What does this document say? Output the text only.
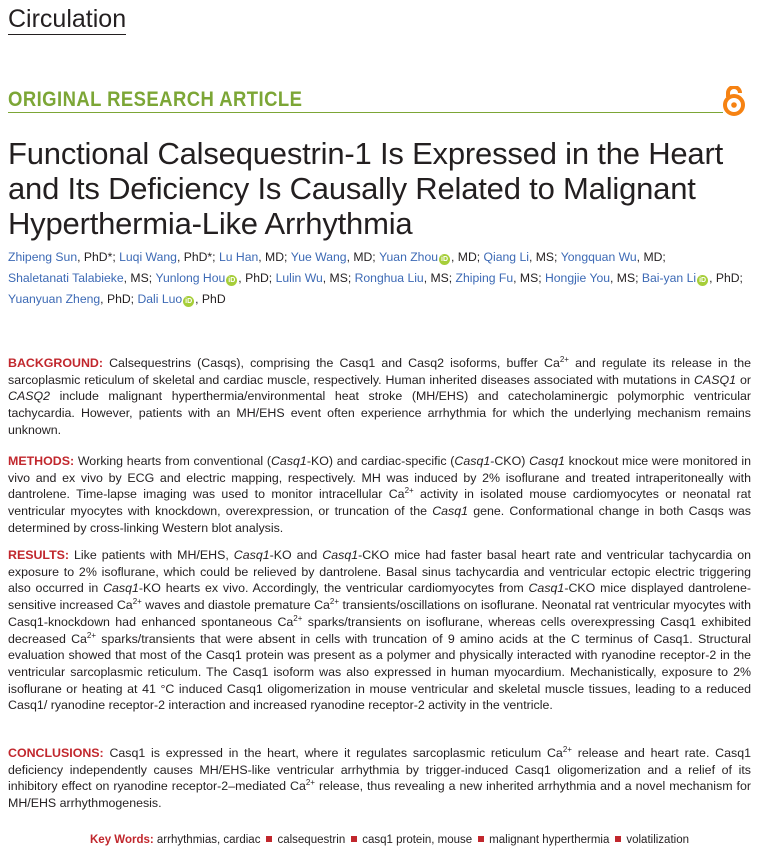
Circulation
ORIGINAL RESEARCH ARTICLE
Functional Calsequestrin-1 Is Expressed in the Heart and Its Deficiency Is Causally Related to Malignant Hyperthermia-Like Arrhythmia
Zhipeng Sun, PhD*; Luqi Wang, PhD*; Lu Han, MD; Yue Wang, MD; Yuan Zhou iD , MD; Qiang Li, MS; Yongquan Wu, MD; Shaletanati Talabieke, MS; Yunlong Hou iD , PhD; Lulin Wu, MS; Ronghua Liu, MS; Zhiping Fu, MS; Hongjie You, MS; Bai-yan Li iD , PhD; Yuanyuan Zheng, PhD; Dali Luo iD , PhD

BACKGROUND: Calsequestrins (Casqs), comprising the Casq1 and Casq2 isoforms, buffer $Ca^{2+}$ and regulate its release in the sarcoplasmic reticulum of skeletal and cardiac muscle, respectively. Human inherited diseases associated with mutations in CASQ1 or CASQ2 include malignant hyperthermia/environmental heat stroke (MH/EHS) and catecholaminergic polymorphic ventricular tachycardia. However, patients with an MH/EHS event often experience arrhythmia for which the underlying mechanism remains unknown.

METHODS: Working hearts from conventional (Casq1-KO) and cardiac-specific (Casq1-CKO) Casq1 knockout mice were monitored in vivo and ex vivo by ECG and electric mapping, respectively. MH was induced by 2% isoflurane and treated intraperitoneally with dantrolene. Time-lapse imaging was used to monitor intracellular $Ca^{2+}$ activity in isolated mouse cardiomyocytes or neonatal rat ventricular myocytes with knockdown, overexpression, or truncation of the Casq1 gene. Conformational change in both Casqs was determined by cross-linking Western blot analysis.

RESULTS: Like patients with MH/EHS, Casq1-KO and Casq1-CKO mice had faster basal heart rate and ventricular tachycardia on exposure to 2% isoflurane, which could be relieved by dantrolene. Basal sinus tachycardia and ventricular ectopic electric triggering also occurred in Casq1-KO hearts ex vivo. Accordingly, the ventricular cardiomyocytes from Casq1-CKO mice displayed dantrolene-sensitive increased $Ca^{2+}$ waves and diastole premature $Ca^{2+}$ transients/oscillations on isoflurane. Neonatal rat ventricular myocytes with Casq1-knockdown had enhanced spontaneous $Ca^{2+}$ sparks/transients on isoflurane, whereas cells overexpressing Casq1 exhibited decreased $Ca^{2+}$ sparks/transients that were absent in cells with truncation of 9 amino acids at the C terminus of Casq1. Structural evaluation showed that most of the Casq1 protein was present as a polymer and physically interacted with ryanodine receptor-2 in the ventricular sarcoplasmic reticulum. The Casq1 isoform was also expressed in human myocardium. Mechanistically, exposure to 2% isoflurane or heating at 41 °C induced Casq1 oligomerization in mouse ventricular and skeletal muscle tissues, leading to a reduced Casq1/ ryanodine receptor-2 interaction and increased ryanodine receptor-2 activity in the ventricle.

CONCLUSIONS: Casq1 is expressed in the heart, where it regulates sarcoplasmic reticulum $Ca^{2+}$ release and heart rate. Casq1 deficiency independently causes MH/EHS-like ventricular arrhythmia by trigger-induced Casq1 oligomerization and a relief of its inhibitory effect on ryanodine receptor-2–mediated $Ca^{2+}$ release, thus revealing a new inherited arrhythmia and a novel mechanism for MH/EHS arrhythmogenesis.

Key Words: arrhythmias, cardiac calsequestrin casq1 protein, mouse malignant hyperthermia volatilization
